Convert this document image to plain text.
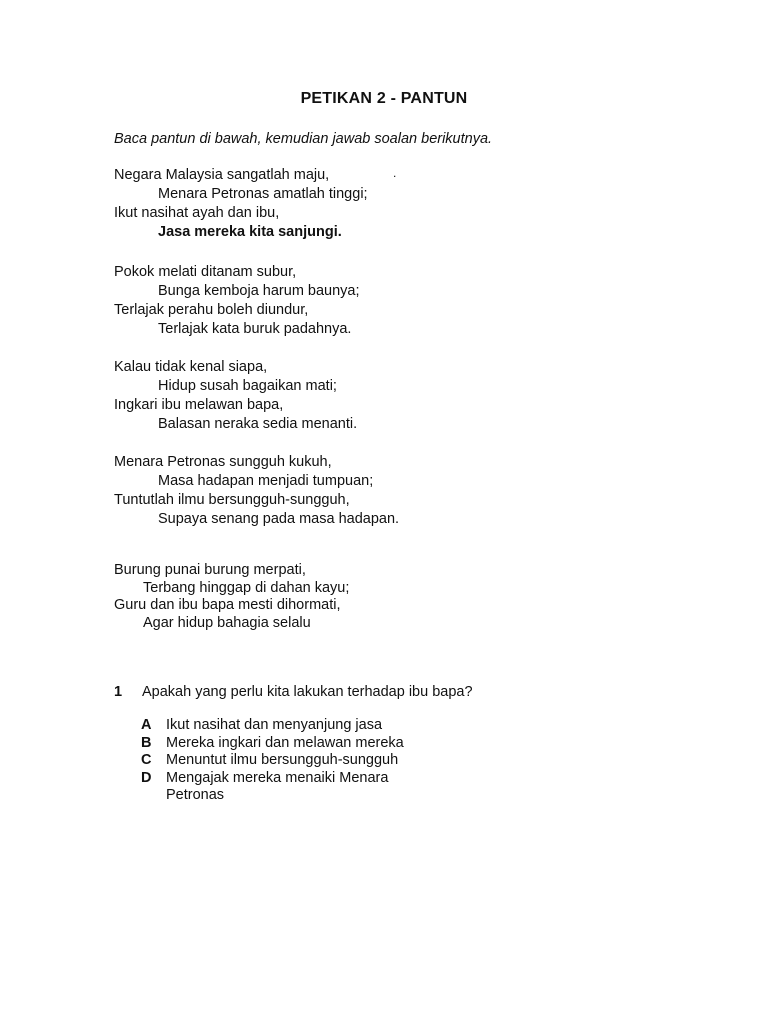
PETIKAN 2 - PANTUN
Baca pantun di bawah, kemudian jawab soalan berikutnya.
.
Negara Malaysia sangatlah maju,
Menara Petronas amatlah tinggi;
Ikut nasihat ayah dan ibu,
Jasa mereka kita sanjungi.
Pokok melati ditanam subur,
Bunga kemboja harum baunya;
Terlajak perahu boleh diundur,
Terlajak kata buruk padahnya.
Kalau tidak kenal siapa,
Hidup susah bagaikan mati;
Ingkari ibu melawan bapa,
Balasan neraka sedia menanti.
Menara Petronas sungguh kukuh,
Masa hadapan menjadi tumpuan;
Tuntutlah ilmu bersungguh-sungguh,
Supaya senang pada masa hadapan.
Burung punai burung merpati,
Terbang hinggap di dahan kayu;
Guru dan ibu bapa mesti dihormati,
Agar hidup bahagia selalu
1 Apakah yang perlu kita lakukan terhadap ibu bapa?
A Ikut nasihat dan menyanjung jasa
B Mereka ingkari dan melawan mereka
C Menuntut ilmu bersungguh-sungguh
D Mengajak mereka menaiki Menara
Petronas
